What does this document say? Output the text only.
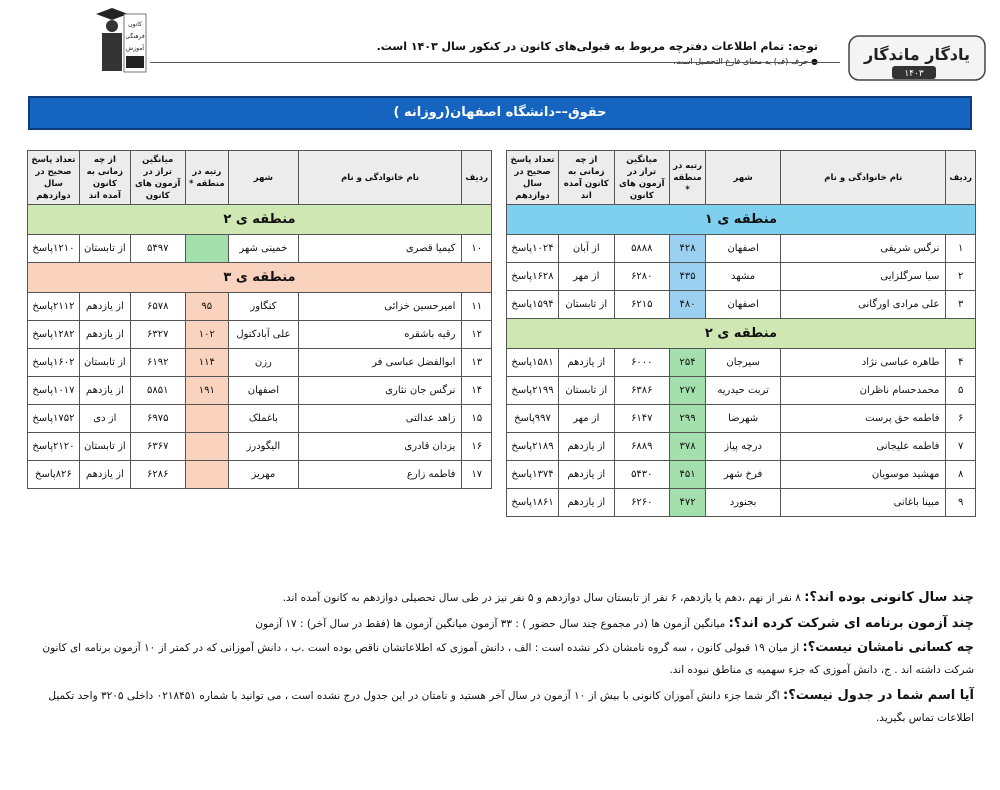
یادگار ماندگار
۱۴۰۳
توجه: تمام اطلاعات دفترچه مربوط به قبولی‌های کانون در کنکور سال ۱۴۰۳ است.
● حرف (ف) به معنای فارغ التحصیل است.
کانون
فرهنگی
آموزش
حقوق––دانشگاه اصفهان(روزانه )
ردیف	نام خانوادگی و نام	شهر	رتبه در منطقه *	میانگین تراز در آزمون های کانون	از چه زمانی به کانون آمده اند	تعداد پاسخ صحیح در سال دوازدهم
منطقه ی ۱						
۱	نرگس شریفی	اصفهان	۴۲۸	۵۸۸۸	از آبان	۱۰۲۴پاسخ
۲	سیا سرگلزایی	مشهد	۴۳۵	۶۲۸۰	از مهر	۱۶۲۸پاسخ
۳	علی مرادی اورگانی	اصفهان	۴۸۰	۶۲۱۵	از تابستان	۱۵۹۴پاسخ
منطقه ی ۲						
۴	طاهره عباسی نژاد	سیرجان	۲۵۴	۶۰۰۰	از یازدهم	۱۵۸۱پاسخ
۵	محمدحسام ناظران	تربت حیدریه	۲۷۷	۶۳۸۶	از تابستان	۲۱۹۹پاسخ
۶	فاطمه حق پرست	شهرضا	۲۹۹	۶۱۴۷	از مهر	۹۹۷پاسخ
۷	فاطمه علیجانی	درچه پیاز	۳۷۸	۶۸۸۹	از یازدهم	۲۱۸۹پاسخ
۸	مهشید موسویان	فرخ شهر	۴۵۱	۵۴۳۰	از یازدهم	۱۳۷۴پاسخ
۹	مبینا باغانی	بجنورد	۴۷۲	۶۲۶۰	از یازدهم	۱۸۶۱پاسخ
ردیف	نام خانوادگی و نام	شهر	رتبه در منطقه *	میانگین تراز در آزمون های کانون	از چه زمانی به کانون آمده اند	تعداد پاسخ صحیح در سال دوازدهم
منطقه ی ۲						
۱۰	کیمیا قصری	خمینی شهر		۵۴۹۷	از تابستان	۱۲۱۰پاسخ
منطقه ی ۳						
۱۱	امیرحسین خزائی	کنگاور	۹۵	۶۵۷۸	از یازدهم	۲۱۱۲پاسخ
۱۲	رقیه باشقره	علی آبادکتول	۱۰۲	۶۳۲۷	از یازدهم	۱۲۸۲پاسخ
۱۳	ابوالفضل عباسی فر	رزن	۱۱۴	۶۱۹۲	از تابستان	۱۶۰۲پاسخ
۱۴	نرگس جان نثاری	اصفهان	۱۹۱	۵۸۵۱	از یازدهم	۱۰۱۷پاسخ
۱۵	زاهد عدالتی	باغملک		۶۹۷۵	از دی	۱۷۵۲پاسخ
۱۶	یزدان قادری	الیگودرز		۶۳۶۷	از تابستان	۲۱۲۰پاسخ
۱۷	فاطمه زارع	مهریز		۶۲۸۶	از یازدهم	۸۲۶پاسخ
چند سال کانونی بوده اند؟: ۸ نفر از نهم ،دهم یا یازدهم، ۶ نفر از تابستان سال دوازدهم و ۵ نفر نیز در طی سال تحصیلی دوازدهم به کانون آمده اند.
چند آزمون برنامه ای شرکت کرده اند؟: میانگین آزمون ها (در مجموع چند سال حضور ) : ۳۳ آزمون میانگین آزمون ها (فقط در سال آخر) : ۱۷ آزمون
چه کسانی نامشان نیست؟: از میان ۱۹ قبولی کانون ، سه گروه نامشان ذکر نشده است : الف ، دانش آموزی که اطلاعاتشان ناقص بوده است .ب ، دانش آموزانی که در کمتر از ۱۰ آزمون برنامه ای کانون شرکت داشته اند . ج، دانش آموزی که جزء سهمیه ی مناطق نبوده اند.
آیا اسم شما در جدول نیست؟: اگر شما جزء دانش آموزان کانونی با بیش از ۱۰ آزمون در سال آخر هستید و نامتان در این جدول درج نشده است ، می توانید با شماره ۰۲۱۸۴۵۱ داخلی ۳۲۰۵ واحد تکمیل اطلاعات تماس بگیرید.
